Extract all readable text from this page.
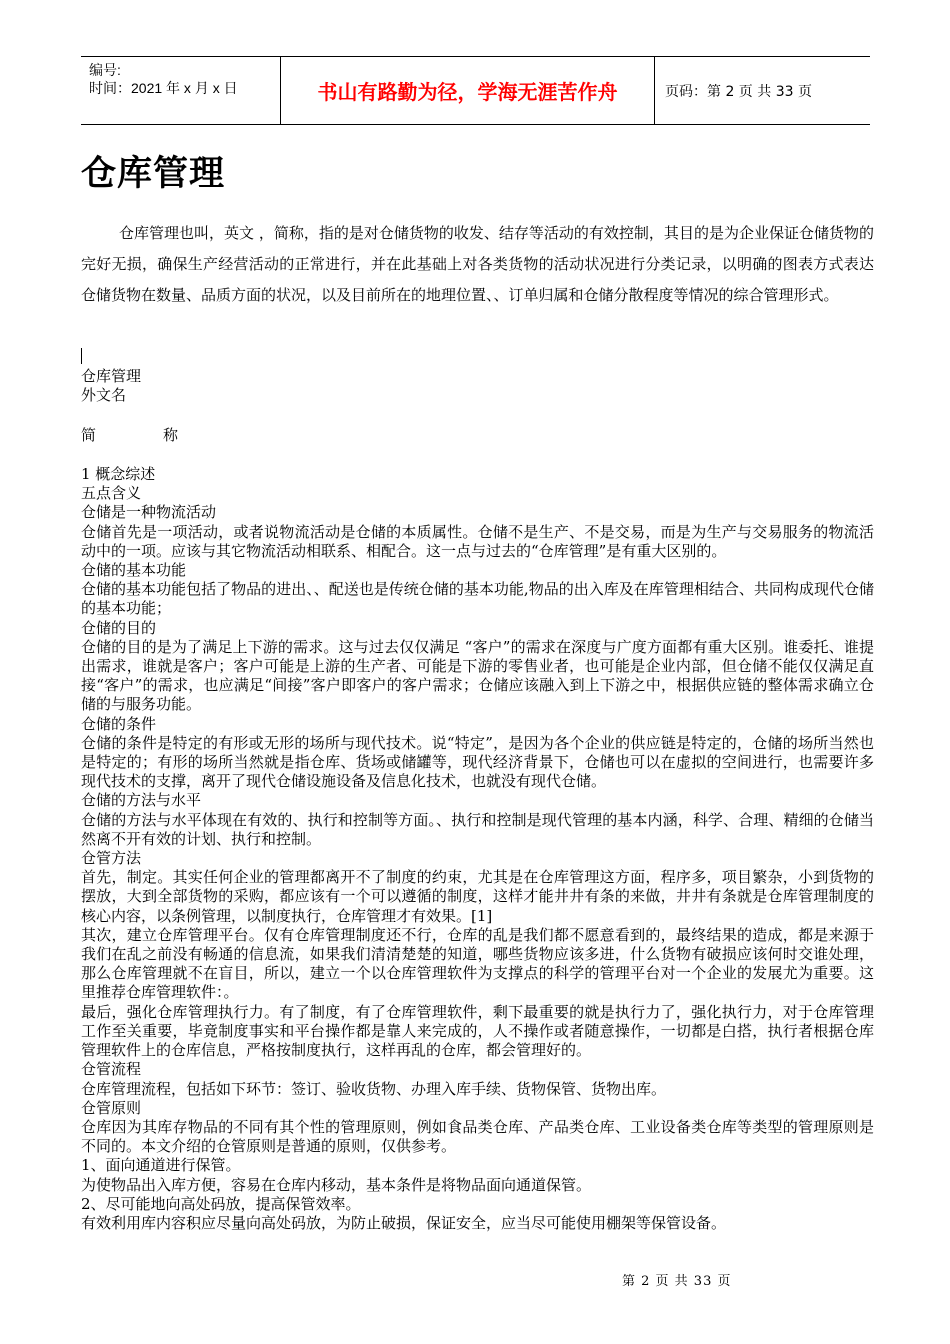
编号:
时间：2021 年 x 月 x 日	书山有路勤为径，学海无涯苦作舟	页码：第 2 页 共 33 页
仓库管理
仓库管理也叫，英文 ，简称，指的是对仓储货物的收发、结存等活动的有效控制，其目的是为企业保证仓储货物的完好无损，确保生产经营活动的正常进行，并在此基础上对各类货物的活动状况进行分类记录，以明确的图表方式表达仓储货物在数量、品质方面的状况，以及目前所在的地理位置、、订单归属和仓储分散程度等情况的综合管理形式。
仓库管理
外文名
简	称

1 概念综述

五点含义

仓储是一种物流活动

仓储首先是一项活动，或者说物流活动是仓储的本质属性。仓储不是生产、不是交易，而是为生产与交易服务的物流活动中的一项。应该与其它物流活动相联系、相配合。这一点与过去的“仓库管理”是有重大区别的。

仓储的基本功能

仓储的基本功能包括了物品的进出、、配送也是传统仓储的基本功能,物品的出入库及在库管理相结合、共同构成现代仓储的基本功能；

仓储的目的

仓储的目的是为了满足上下游的需求。这与过去仅仅满足 “客户”的需求在深度与广度方面都有重大区别。谁委托、谁提出需求，谁就是客户；客户可能是上游的生产者、可能是下游的零售业者，也可能是企业内部，但仓储不能仅仅满足直接“客户”的需求，也应满足“间接”客户即客户的客户需求；仓储应该融入到上下游之中，根据供应链的整体需求确立仓储的与服务功能。

仓储的条件

仓储的条件是特定的有形或无形的场所与现代技术。说“特定”，是因为各个企业的供应链是特定的，仓储的场所当然也是特定的；有形的场所当然就是指仓库、货场或储罐等，现代经济背景下，仓储也可以在虚拟的空间进行，也需要许多现代技术的支撑，离开了现代仓储设施设备及信息化技术，也就没有现代仓储。

仓储的方法与水平

仓储的方法与水平体现在有效的、执行和控制等方面。、执行和控制是现代管理的基本内涵，科学、合理、精细的仓储当然离不开有效的计划、执行和控制。

仓管方法

首先，制定。其实任何企业的管理都离开不了制度的约束，尤其是在仓库管理这方面，程序多，项目繁杂，小到货物的摆放，大到全部货物的采购，都应该有一个可以遵循的制度，这样才能井井有条的来做，井井有条就是仓库管理制度的核心内容，以条例管理，以制度执行，仓库管理才有效果。[1]

其次，建立仓库管理平台。仅有仓库管理制度还不行，仓库的乱是我们都不愿意看到的，最终结果的造成，都是来源于我们在乱之前没有畅通的信息流，如果我们清清楚楚的知道，哪些货物应该多进，什么货物有破损应该何时交谁处理，那么仓库管理就不在盲目，所以，建立一个以仓库管理软件为支撑点的科学的管理平台对一个企业的发展尤为重要。这里推荐仓库管理软件：。

最后，强化仓库管理执行力。有了制度，有了仓库管理软件，剩下最重要的就是执行力了，强化执行力，对于仓库管理工作至关重要，毕竟制度事实和平台操作都是靠人来完成的，人不操作或者随意操作，一切都是白搭，执行者根据仓库管理软件上的仓库信息，严格按制度执行，这样再乱的仓库，都会管理好的。

仓管流程

仓库管理流程，包括如下环节：签订、验收货物、办理入库手续、货物保管、货物出库。

仓管原则

仓库因为其库存物品的不同有其个性的管理原则，例如食品类仓库、产品类仓库、工业设备类仓库等类型的管理原则是不同的。本文介绍的仓管原则是普通的原则，仅供参考。

1、面向通道进行保管。

为使物品出入库方便，容易在仓库内移动，基本条件是将物品面向通道保管。

2、尽可能地向高处码放，提高保管效率。

有效利用库内容积应尽量向高处码放，为防止破损，保证安全，应当尽可能使用棚架等保管设备。

第 2 页 共 33 页
